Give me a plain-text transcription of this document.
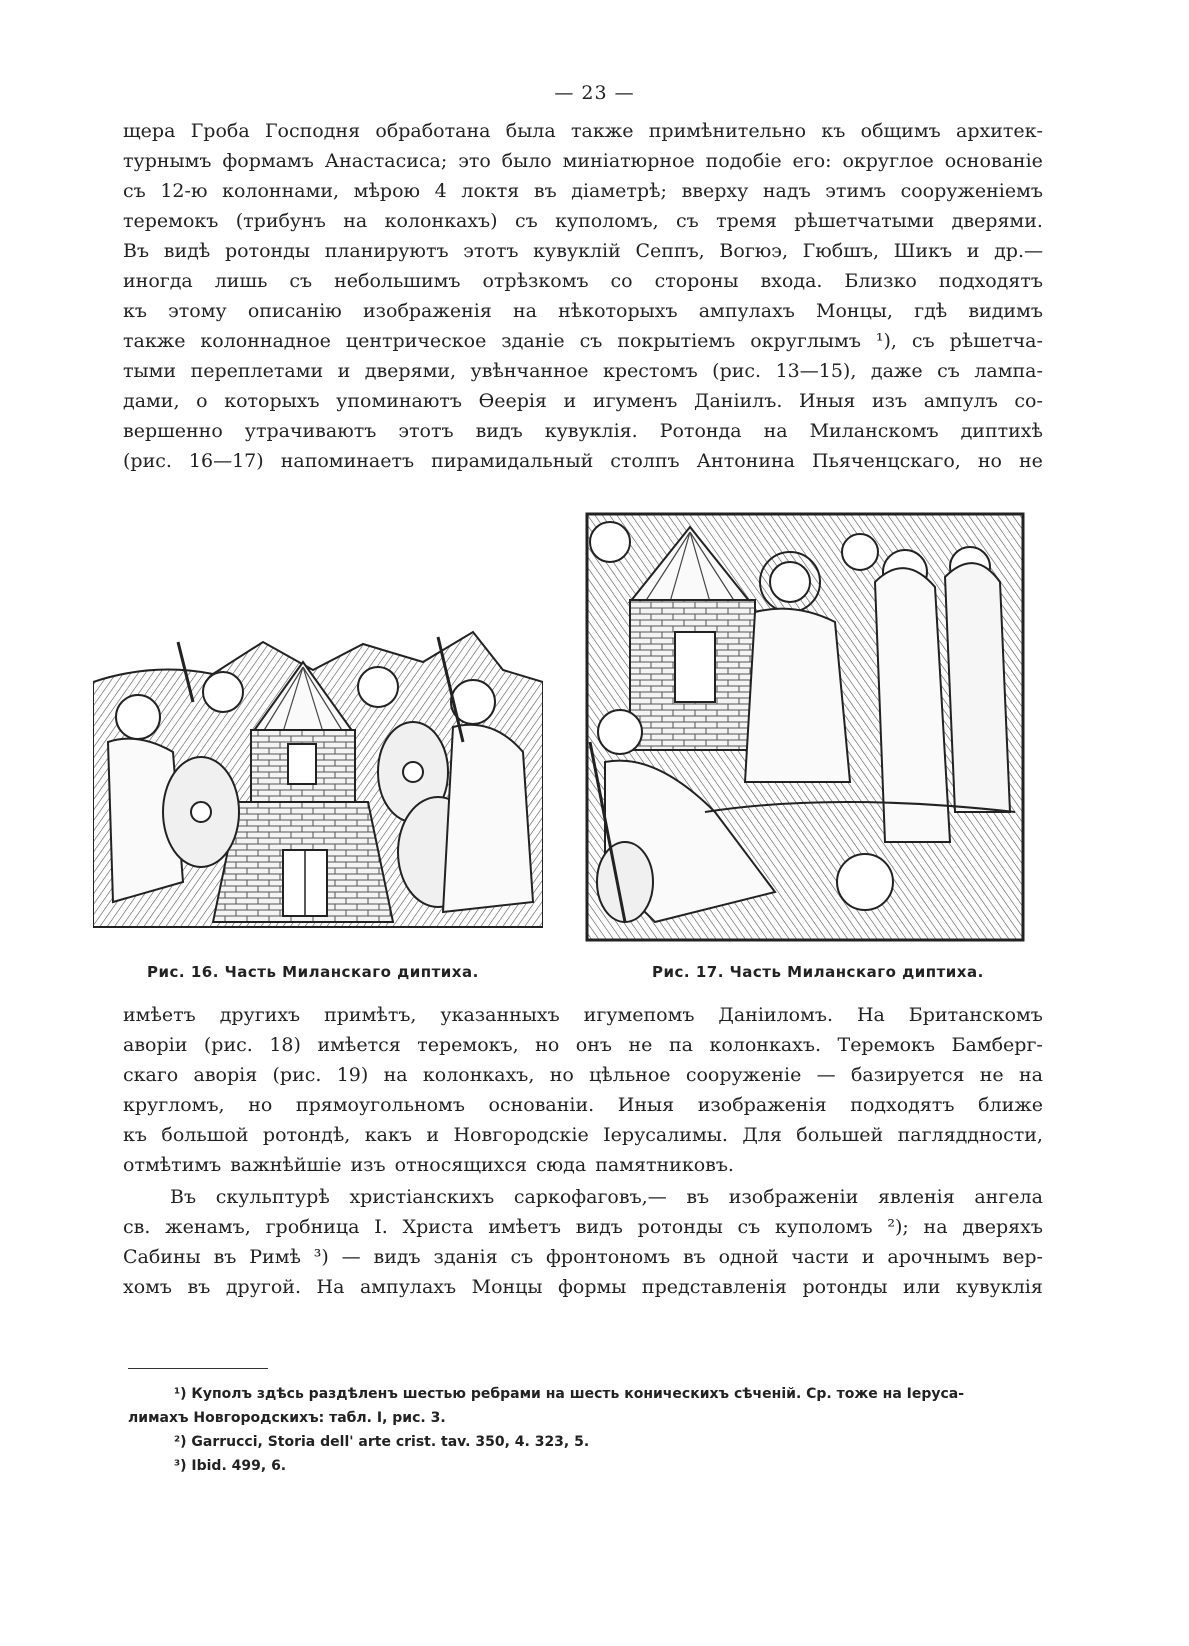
— 23 —
щера Гроба Господня обработана была также примѣнительно къ общимъ архитек-
турнымъ формамъ Анастасиса; это было миніатюрное подобіе его: округлое основаніе
съ 12-ю колоннами, мѣрою 4 локтя въ діаметрѣ; вверху надъ этимъ сооруженіемъ
теремокъ (трибунъ на колонкахъ) съ куполомъ, съ тремя рѣшетчатыми дверями.
Въ видѣ ротонды планируютъ этотъ кувуклій Сеппъ, Вогюэ, Гюбшъ, Шикъ и др.—
иногда лишь съ небольшимъ отрѣзкомъ со стороны входа. Близко подходятъ
къ этому описанію изображенія на нѣкоторыхъ ампулахъ Монцы, гдѣ видимъ
также колоннадное центрическое зданіе съ покрытіемъ округлымъ ¹), съ рѣшетча-
тыми переплетами и дверями, увѣнчанное крестомъ (рис. 13—15), даже съ лампа-
дами, о которыхъ упоминаютъ Ѳеерія и игуменъ Даніилъ. Иныя изъ ампулъ со-
вершенно утрачиваютъ этотъ видъ кувуклія. Ротонда на Миланскомъ диптихѣ
(рис. 16—17) напоминаетъ пирамидальный столпъ Антонина Пьяченцскаго, но не
Рис. 16. Часть Миланскаго диптиха.	Рис. 17. Часть Миланскаго диптиха.
имѣетъ другихъ примѣтъ, указанныхъ игумепомъ Даніиломъ. На Британскомъ
аворіи (рис. 18) имѣется теремокъ, но онъ не па колонкахъ. Теремокъ Бамберг-
скаго аворія (рис. 19) на колонкахъ, но цѣльное сооруженіе — базируется не на
кругломъ, но прямоугольномъ основаніи. Иныя изображенія подходятъ ближе
къ большой ротондѣ, какъ и Новгородскіе Іерусалимы. Для большей пагляддности,
отмѣтимъ важнѣйшіе изъ относящихся сюда памятниковъ.
Въ скульптурѣ христіанскихъ саркофаговъ,— въ изображеніи явленія ангела
св. женамъ, гробница І. Христа имѣетъ видъ ротонды съ куполомъ ²); на дверяхъ
Сабины въ Римѣ ³) — видъ зданія съ фронтономъ въ одной части и арочнымъ вер-
хомъ въ другой. На ампулахъ Монцы формы представленія ротонды или кувуклія
¹) Куполъ здѣсь раздѣленъ шестью ребрами на шесть коническихъ сѣченій. Ср. тоже на Іерусa-
лимахъ Новгородскихъ: табл. I, рис. 3.
²) Garrucci, Storia dell' arte crist. tav. 350, 4. 323, 5.
³) Ibid. 499, 6.
